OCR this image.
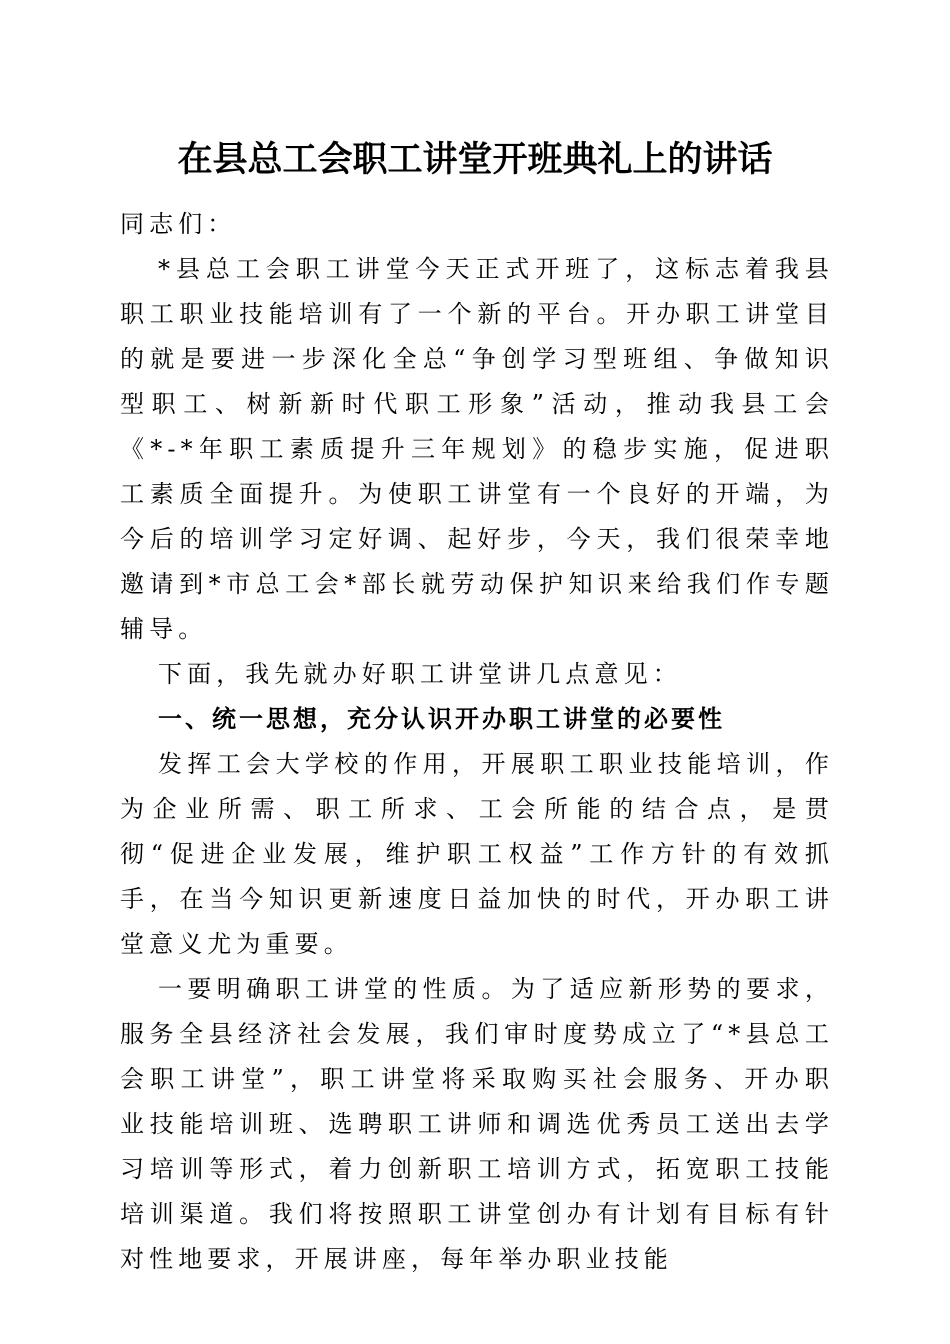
在县总工会职工讲堂开班典礼上的讲话

同志们：

*县总工会职工讲堂今天正式开班了，这标志着我县职工职业技能培训有了一个新的平台。开办职工讲堂目的就是要进一步深化全总“争创学习型班组、争做知识型职工、树新新时代职工形象”活动，推动我县工会《*-*年职工素质提升三年规划》的稳步实施，促进职工素质全面提升。为使职工讲堂有一个良好的开端，为今后的培训学习定好调、起好步，今天，我们很荣幸地邀请到*市总工会*部长就劳动保护知识来给我们作专题辅导。

下面，我先就办好职工讲堂讲几点意见：

一、统一思想，充分认识开办职工讲堂的必要性

发挥工会大学校的作用，开展职工职业技能培训，作为企业所需、职工所求、工会所能的结合点，是贯彻“促进企业发展，维护职工权益”工作方针的有效抓手，在当今知识更新速度日益加快的时代，开办职工讲堂意义尤为重要。

一要明确职工讲堂的性质。为了适应新形势的要求，服务全县经济社会发展，我们审时度势成立了“*县总工会职工讲堂”，职工讲堂将采取购买社会服务、开办职业技能培训班、选聘职工讲师和调选优秀员工送出去学习培训等形式，着力创新职工培训方式，拓宽职工技能培训渠道。我们将按照职工讲堂创办有计划有目标有针对性地要求，开展讲座，每年举办职业技能
